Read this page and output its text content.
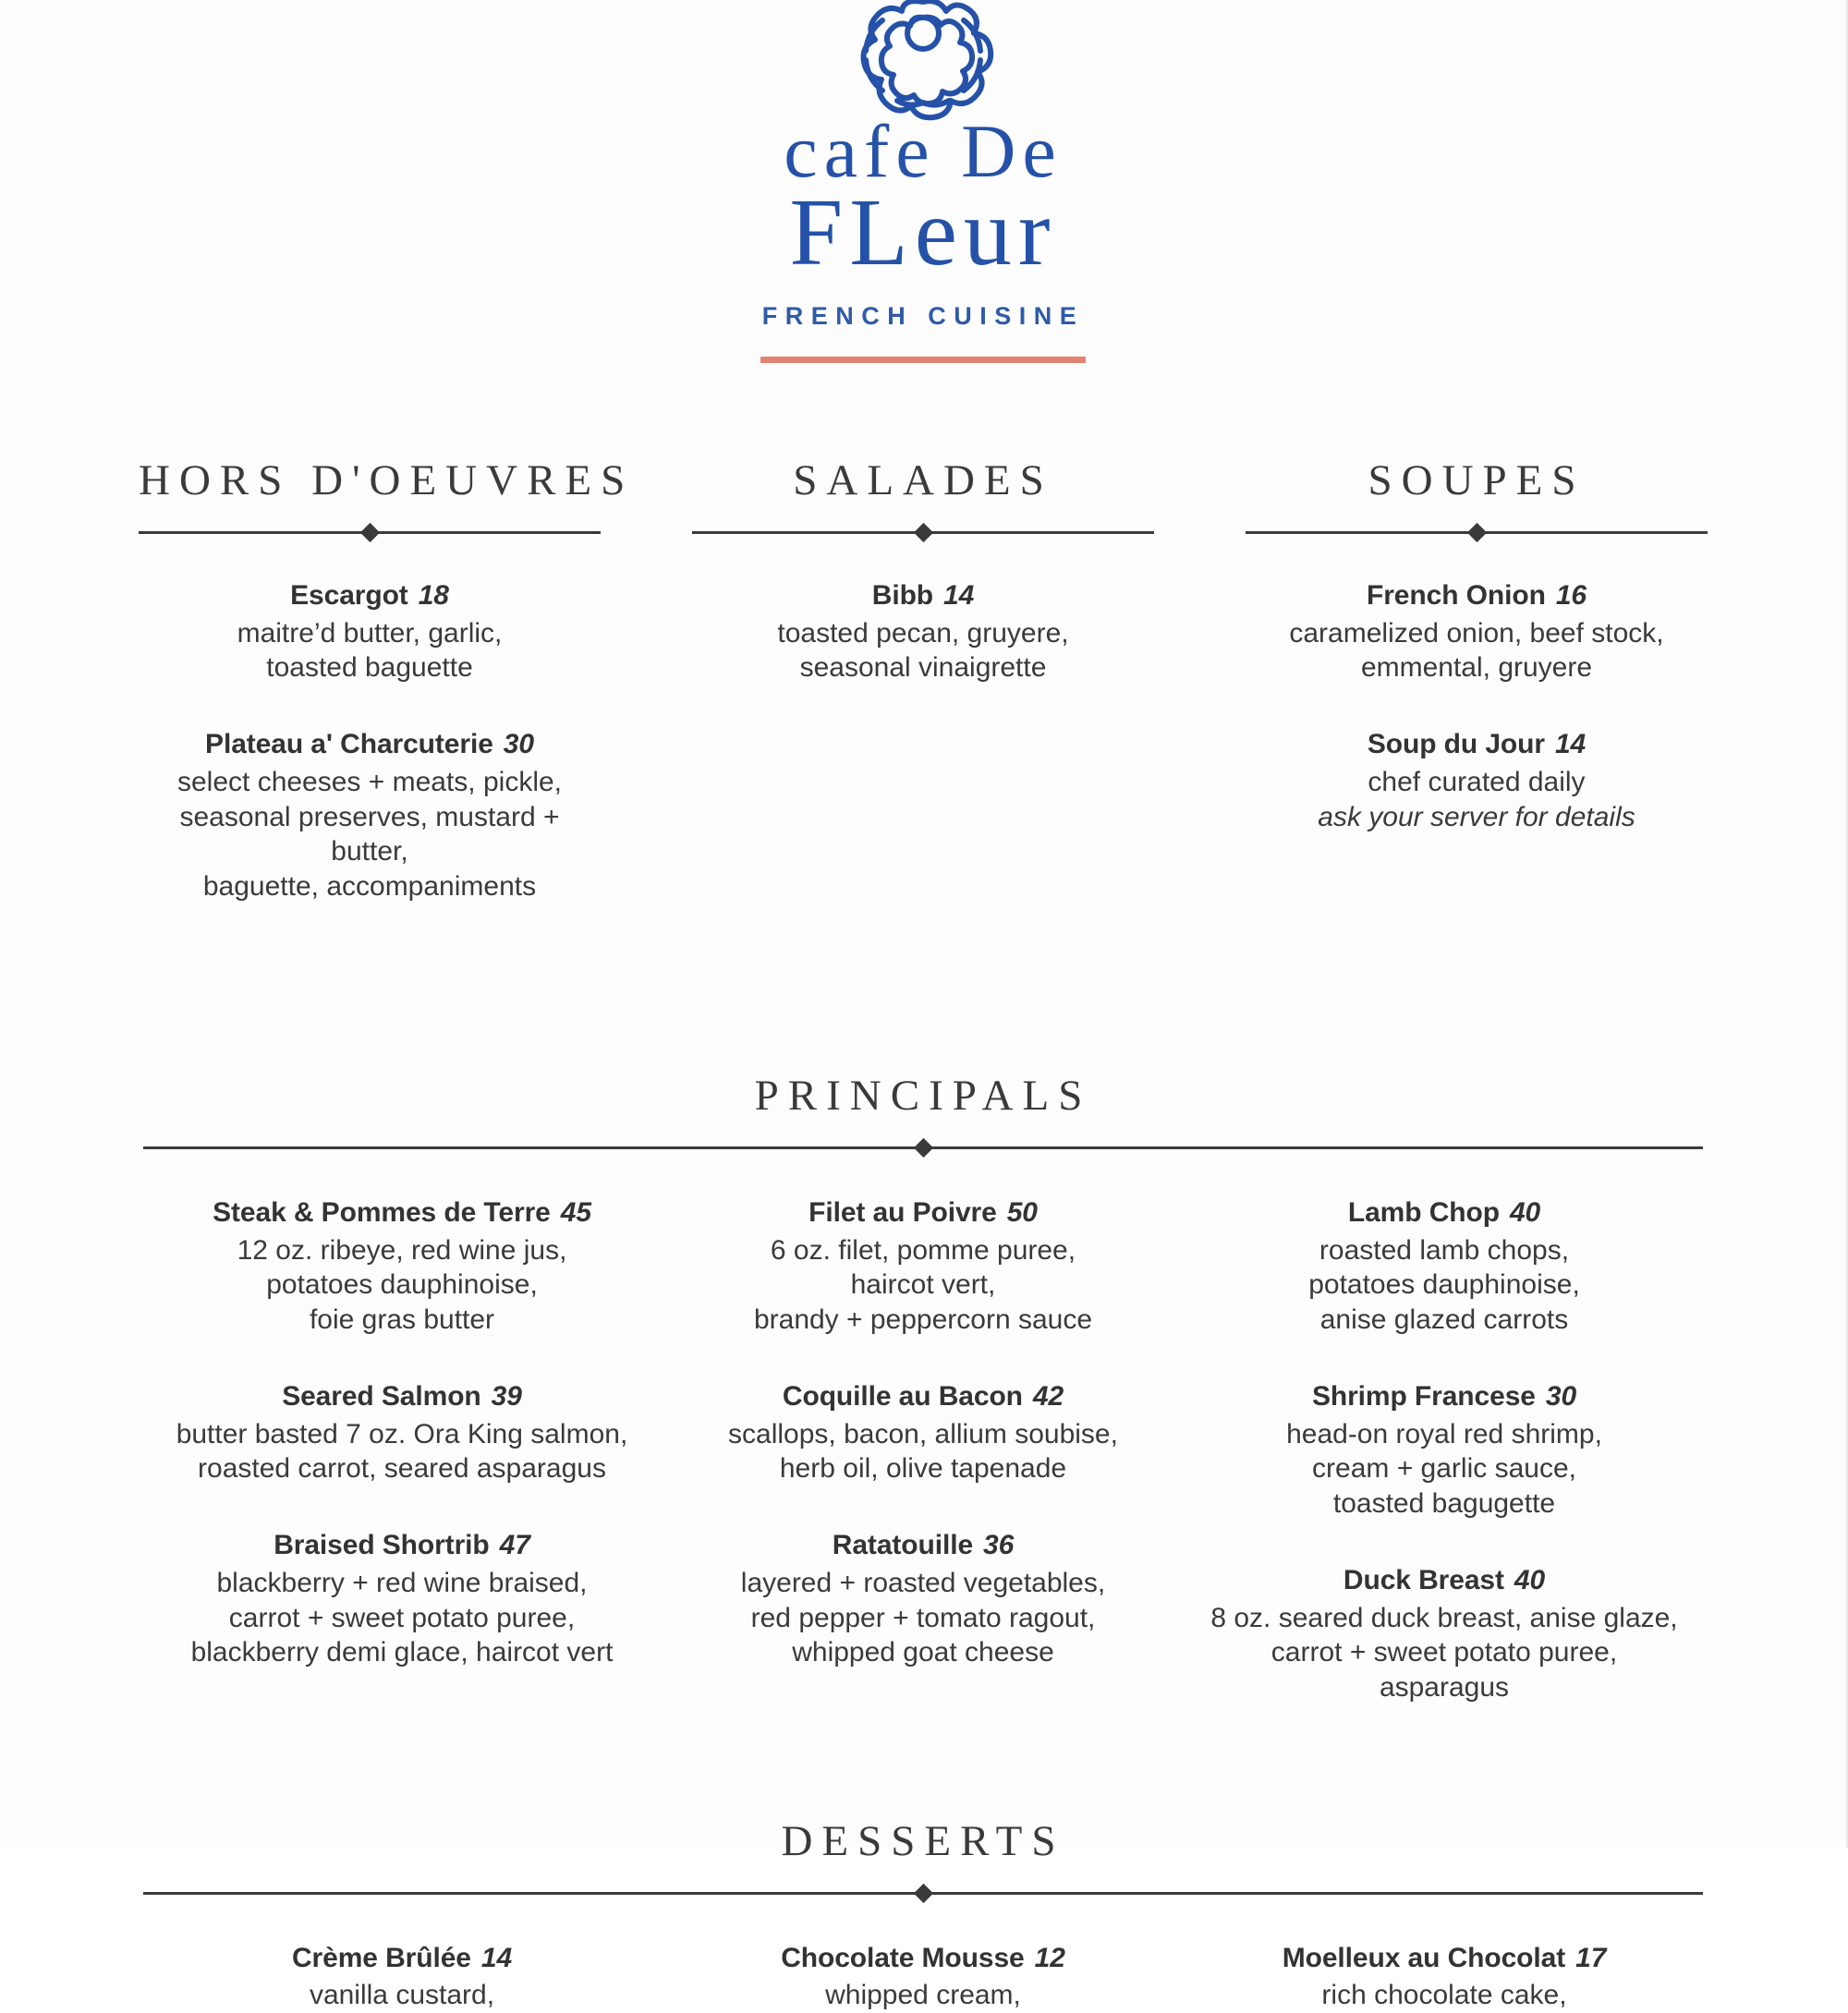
cafe De
FLeur
FRENCH CUISINE
HORS D'OEUVRES
Escargot 18
maitre’d butter, garlic,
toasted baguette
Plateau a' Charcuterie 30
select cheeses + meats, pickle,
seasonal preserves, mustard + butter,
baguette, accompaniments
SALADES
Bibb 14
toasted pecan, gruyere,
seasonal vinaigrette
SOUPES
French Onion 16
caramelized onion, beef stock,
emmental, gruyere
Soup du Jour 14
chef curated daily
ask your server for details
PRINCIPALS
Steak & Pommes de Terre 45
12 oz. ribeye, red wine jus,
potatoes dauphinoise,
foie gras butter
Seared Salmon 39
butter basted 7 oz. Ora King salmon,
roasted carrot, seared asparagus
Braised Shortrib 47
blackberry + red wine braised,
carrot + sweet potato puree,
blackberry demi glace, haircot vert
Filet au Poivre 50
6 oz. filet, pomme puree,
haircot vert,
brandy + peppercorn sauce
Coquille au Bacon 42
scallops, bacon, allium soubise,
herb oil, olive tapenade
Ratatouille 36
layered + roasted vegetables,
red pepper + tomato ragout,
whipped goat cheese
Lamb Chop 40
roasted lamb chops,
potatoes dauphinoise,
anise glazed carrots
Shrimp Francese 30
head-on royal red shrimp,
cream + garlic sauce,
toasted bagugette
Duck Breast 40
8 oz. seared duck breast, anise glaze,
carrot + sweet potato puree,
asparagus
DESSERTS
Crème Brûlée 14
vanilla custard,
Chocolate Mousse 12
whipped cream,
Moelleux au Chocolat 17
rich chocolate cake,
